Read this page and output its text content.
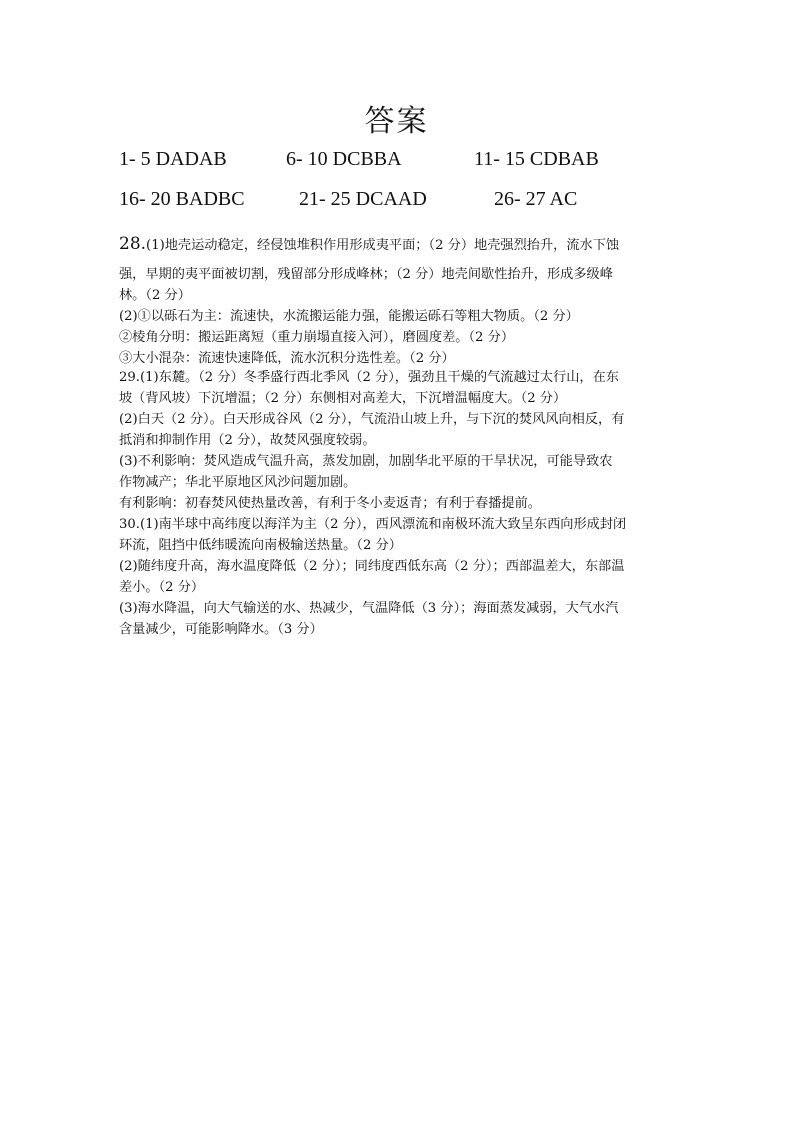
答案
1- 5 DADAB	6- 10 DCBBA	11- 15 CDBAB
16- 20 BADBC	21- 25 DCAAD	26- 27 AC

28.(1)地壳运动稳定，经侵蚀堆积作用形成夷平面；（2 分）地壳强烈抬升，流水下蚀

强，早期的夷平面被切割，残留部分形成峰林；（2 分）地壳间歇性抬升，形成多级峰

林。（2 分）

(2)①以砾石为主：流速快，水流搬运能力强，能搬运砾石等粗大物质。（2 分）

②棱角分明：搬运距离短（重力崩塌直接入河），磨圆度差。（2 分）

③大小混杂：流速快速降低，流水沉积分选性差。（2 分）

29.(1)东麓。（2 分）冬季盛行西北季风（2 分），强劲且干燥的气流越过太行山，在东

坡（背风坡）下沉增温；（2 分）东侧相对高差大，下沉增温幅度大。（2 分）

(2)白天（2 分）。白天形成谷风（2 分），气流沿山坡上升，与下沉的焚风风向相反，有

抵消和抑制作用（2 分），故焚风强度较弱。

(3)不利影响：焚风造成气温升高，蒸发加剧，加剧华北平原的干旱状况，可能导致农

作物减产；华北平原地区风沙问题加剧。

有利影响：初春焚风使热量改善，有利于冬小麦返青；有利于春播提前。

30.(1)南半球中高纬度以海洋为主（2 分），西风漂流和南极环流大致呈东西向形成封闭

环流，阻挡中低纬暖流向南极输送热量。（2 分）

(2)随纬度升高，海水温度降低（2 分）；同纬度西低东高（2 分）；西部温差大，东部温

差小。（2 分）

(3)海水降温，向大气输送的水、热减少，气温降低（3 分）；海面蒸发减弱，大气水汽

含量减少，可能影响降水。（3 分）
